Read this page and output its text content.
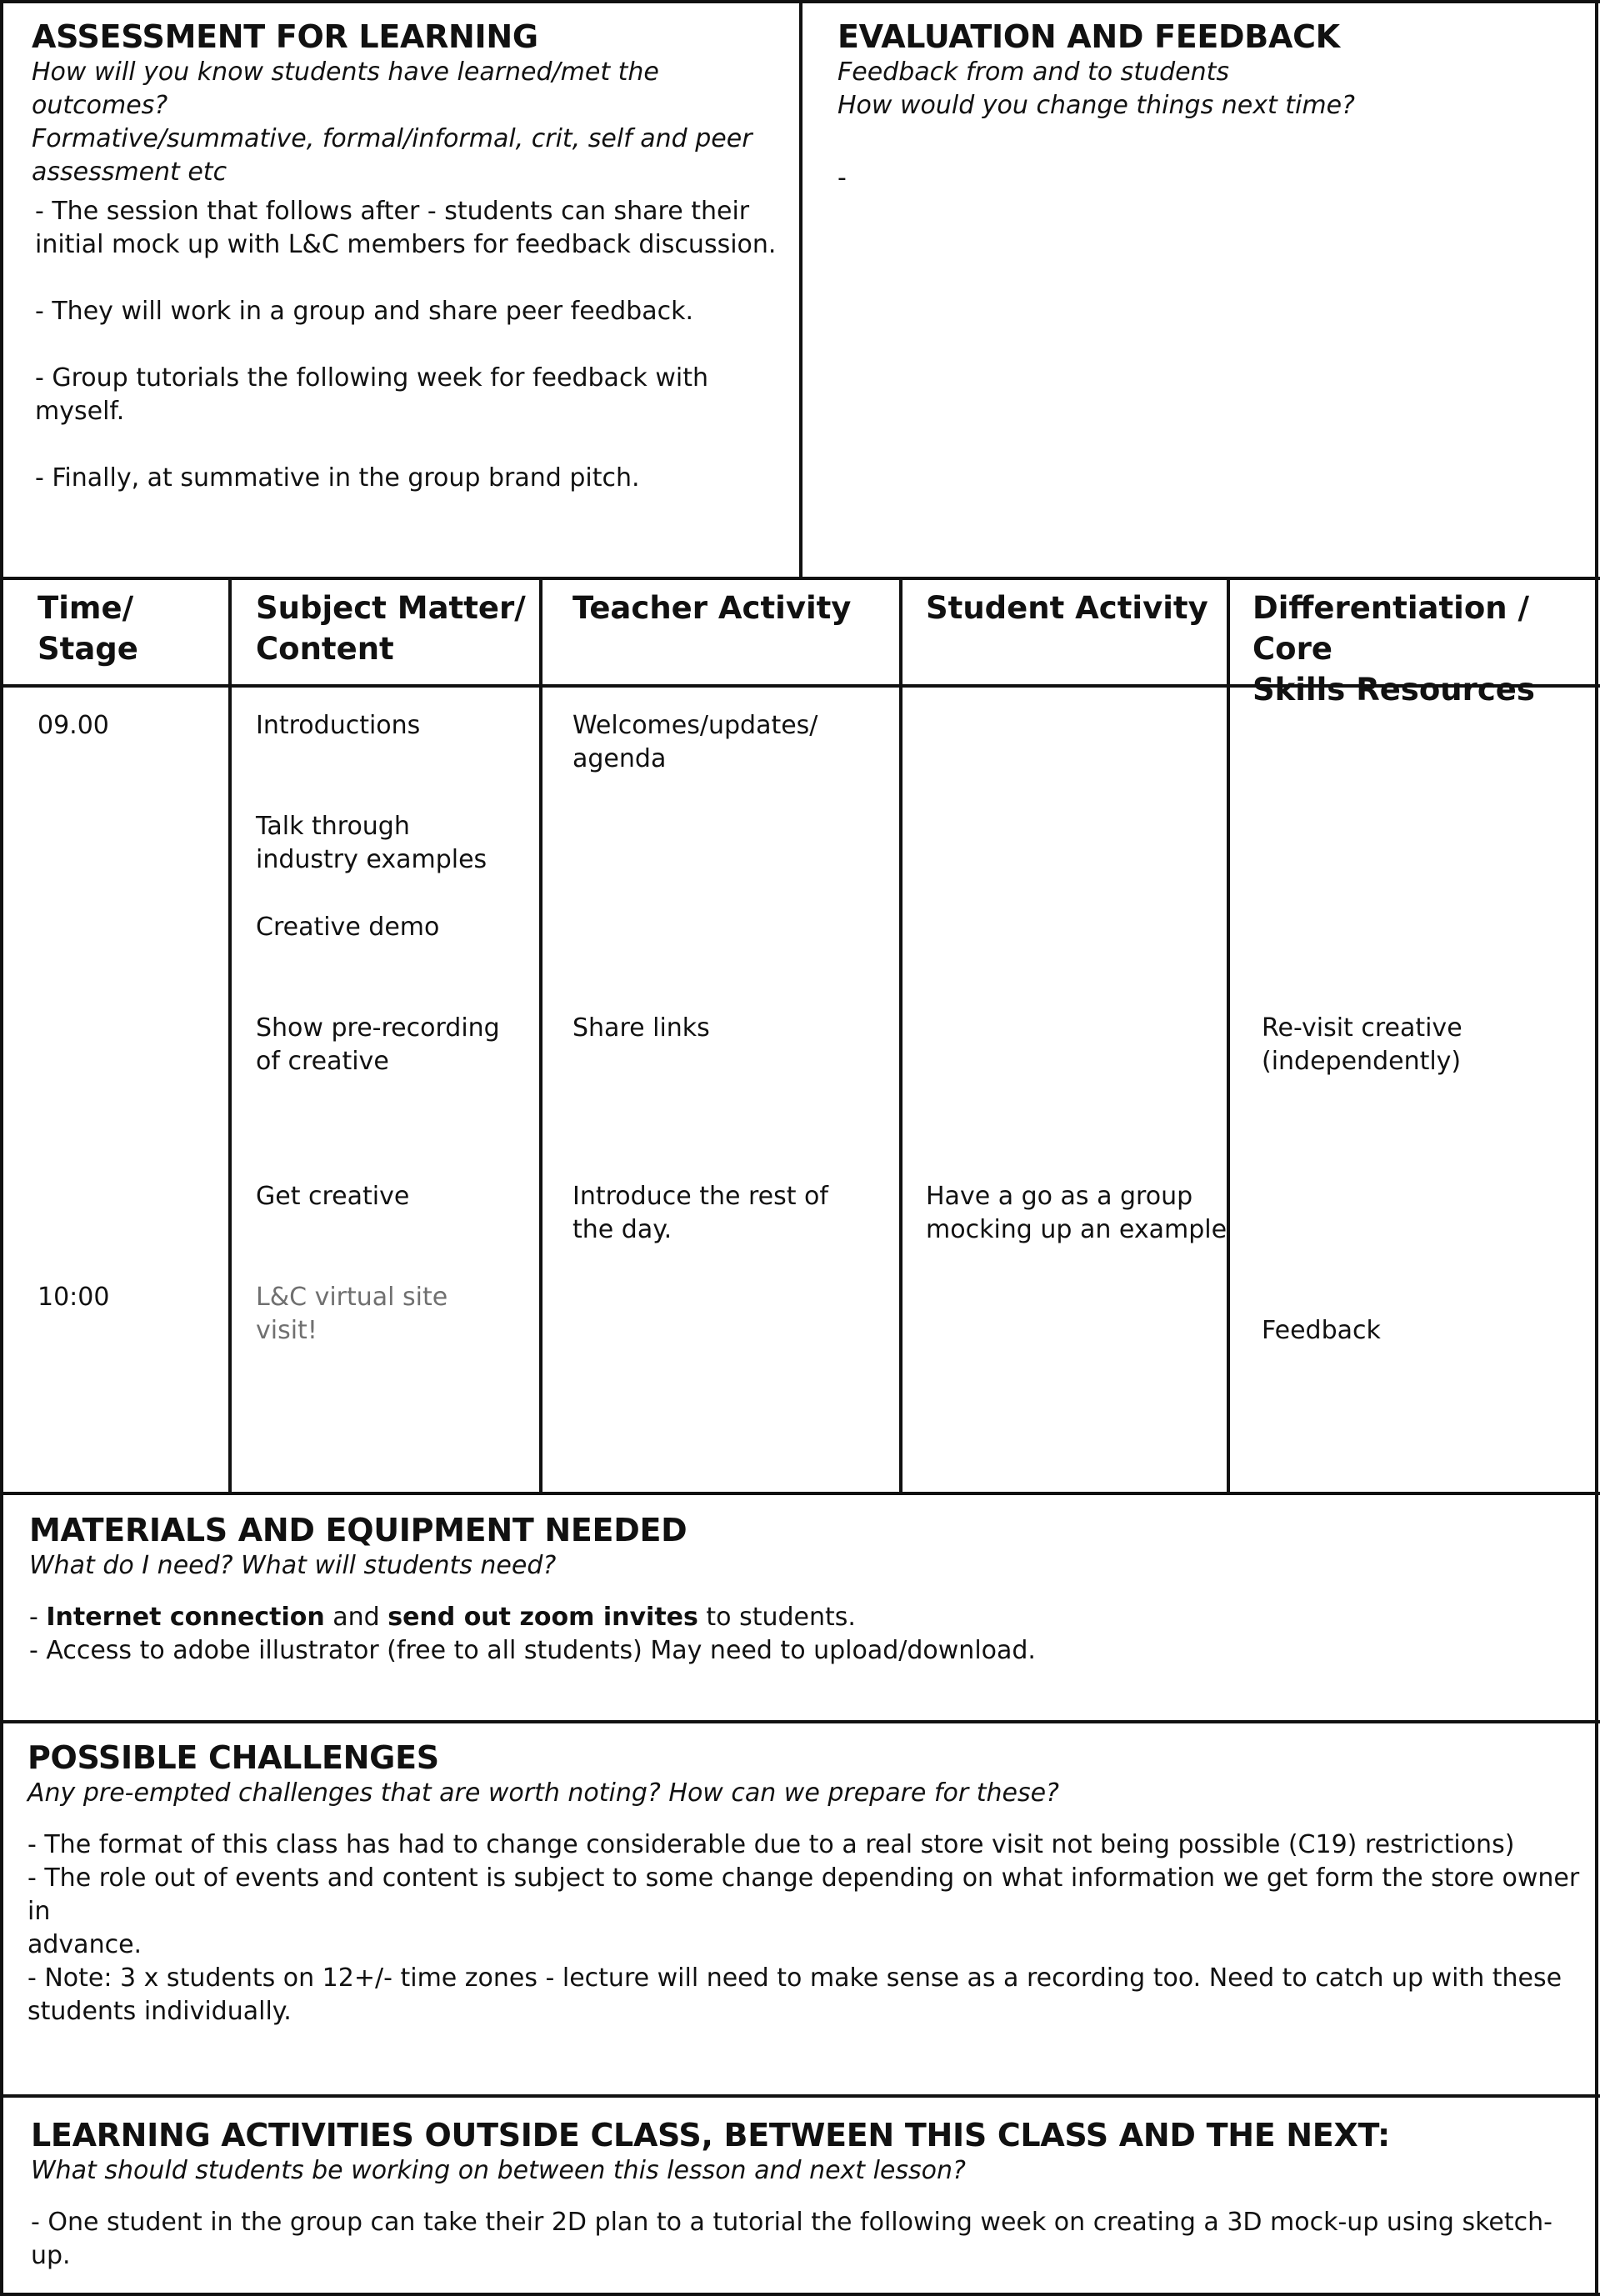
ASSESSMENT FOR LEARNING

How will you know students have learned/met the outcomes?

Formative/summative, formal/informal, crit, self and peer

assessment etc

- The session that follows after - students can share their

initial mock up with L&C members for feedback discussion.

- They will work in a group and share peer feedback.

- Group tutorials the following week for feedback with

myself.

- Finally, at summative in the group brand pitch.

EVALUATION AND FEEDBACK

Feedback from and to students

How would you change things next time?

-

Time/

Stage

Subject Matter/

Content

Teacher Activity	Student Activity	Differentiation / Core

Skills Resources

09.00
10:00

Introductions

Talk through

industry examples

Creative demo

Show pre-recording

of creative

Get creative

L&C virtual site

visit!

Welcomes/updates/

agenda

Share links

Introduce the rest of

the day.

Have a go as a group

mocking up an example

Re-visit creative

(independently)

Feedback

MATERIALS AND EQUIPMENT NEEDED
What do I need? What will students need?

- Internet connection and send out zoom invites to students.

- Access to adobe illustrator (free to all students) May need to upload/download.

POSSIBLE CHALLENGES
Any pre-empted challenges that are worth noting? How can we prepare for these?

- The format of this class has had to change considerable due to a real store visit not being possible (C19) restrictions)

- The role out of events and content is subject to some change depending on what information we get form the store owner in

advance.

- Note: 3 x students on 12+/- time zones - lecture will need to make sense as a recording too. Need to catch up with these

students individually.

LEARNING ACTIVITIES OUTSIDE CLASS, BETWEEN THIS CLASS AND THE NEXT:
What should students be working on between this lesson and next lesson?
- One student in the group can take their 2D plan to a tutorial the following week on creating a 3D mock-up using sketch-up.
